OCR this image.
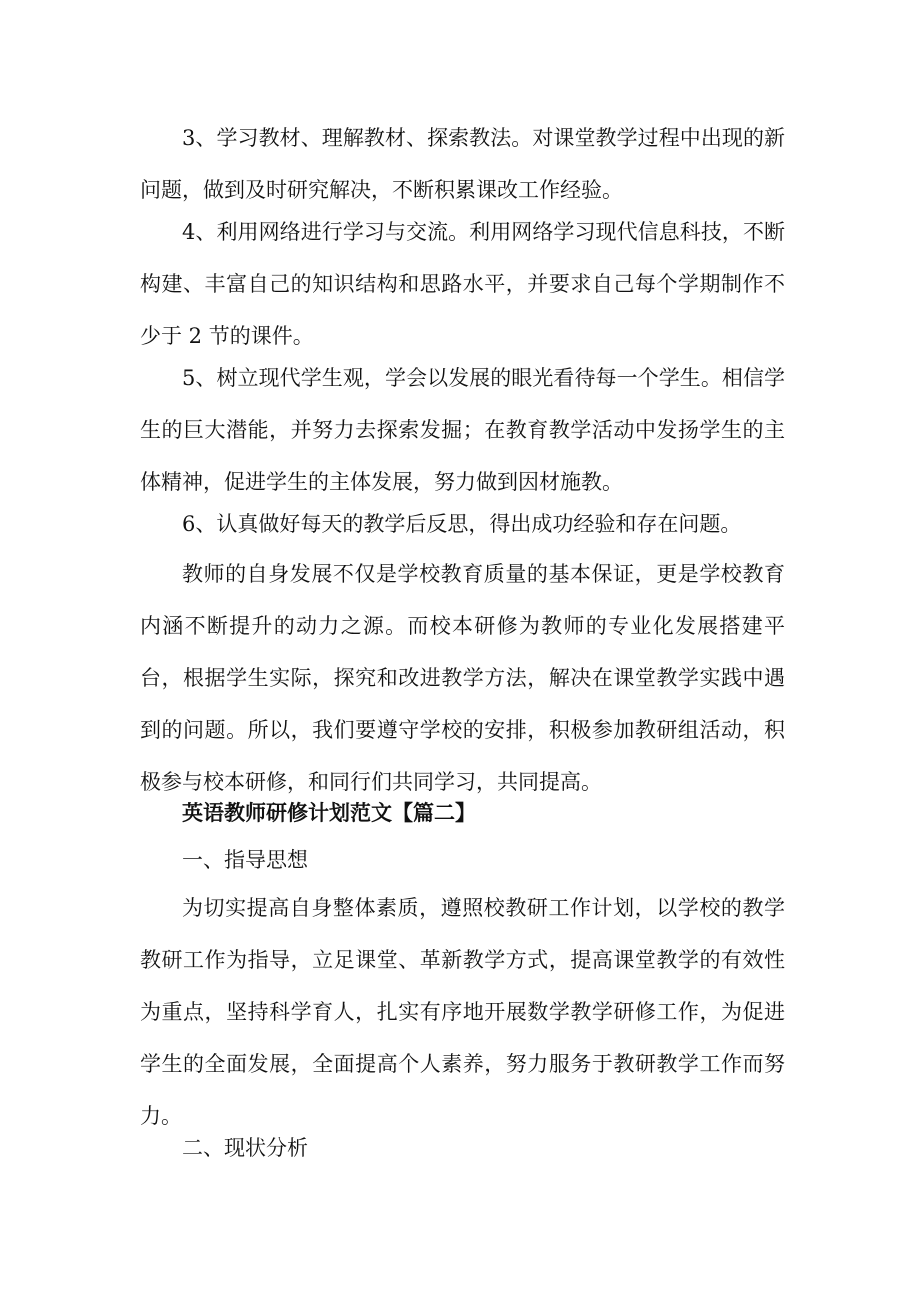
3、学习教材、理解教材、探索教法。对课堂教学过程中出现的新问题，做到及时研究解决，不断积累课改工作经验。

4、利用网络进行学习与交流。利用网络学习现代信息科技，不断构建、丰富自己的知识结构和思路水平，并要求自己每个学期制作不少于 2 节的课件。

5、树立现代学生观，学会以发展的眼光看待每一个学生。相信学生的巨大潜能，并努力去探索发掘；在教育教学活动中发扬学生的主体精神，促进学生的主体发展，努力做到因材施教。

6、认真做好每天的教学后反思，得出成功经验和存在问题。

教师的自身发展不仅是学校教育质量的基本保证，更是学校教育内涵不断提升的动力之源。而校本研修为教师的专业化发展搭建平台，根据学生实际，探究和改进教学方法，解决在课堂教学实践中遇到的问题。所以，我们要遵守学校的安排，积极参加教研组活动，积极参与校本研修，和同行们共同学习，共同提高。

英语教师研修计划范文【篇二】

一、指导思想

为切实提高自身整体素质，遵照校教研工作计划，以学校的教学教研工作为指导，立足课堂、革新教学方式，提高课堂教学的有效性为重点，坚持科学育人，扎实有序地开展数学教学研修工作，为促进学生的全面发展，全面提高个人素养，努力服务于教研教学工作而努力。

二、现状分析
